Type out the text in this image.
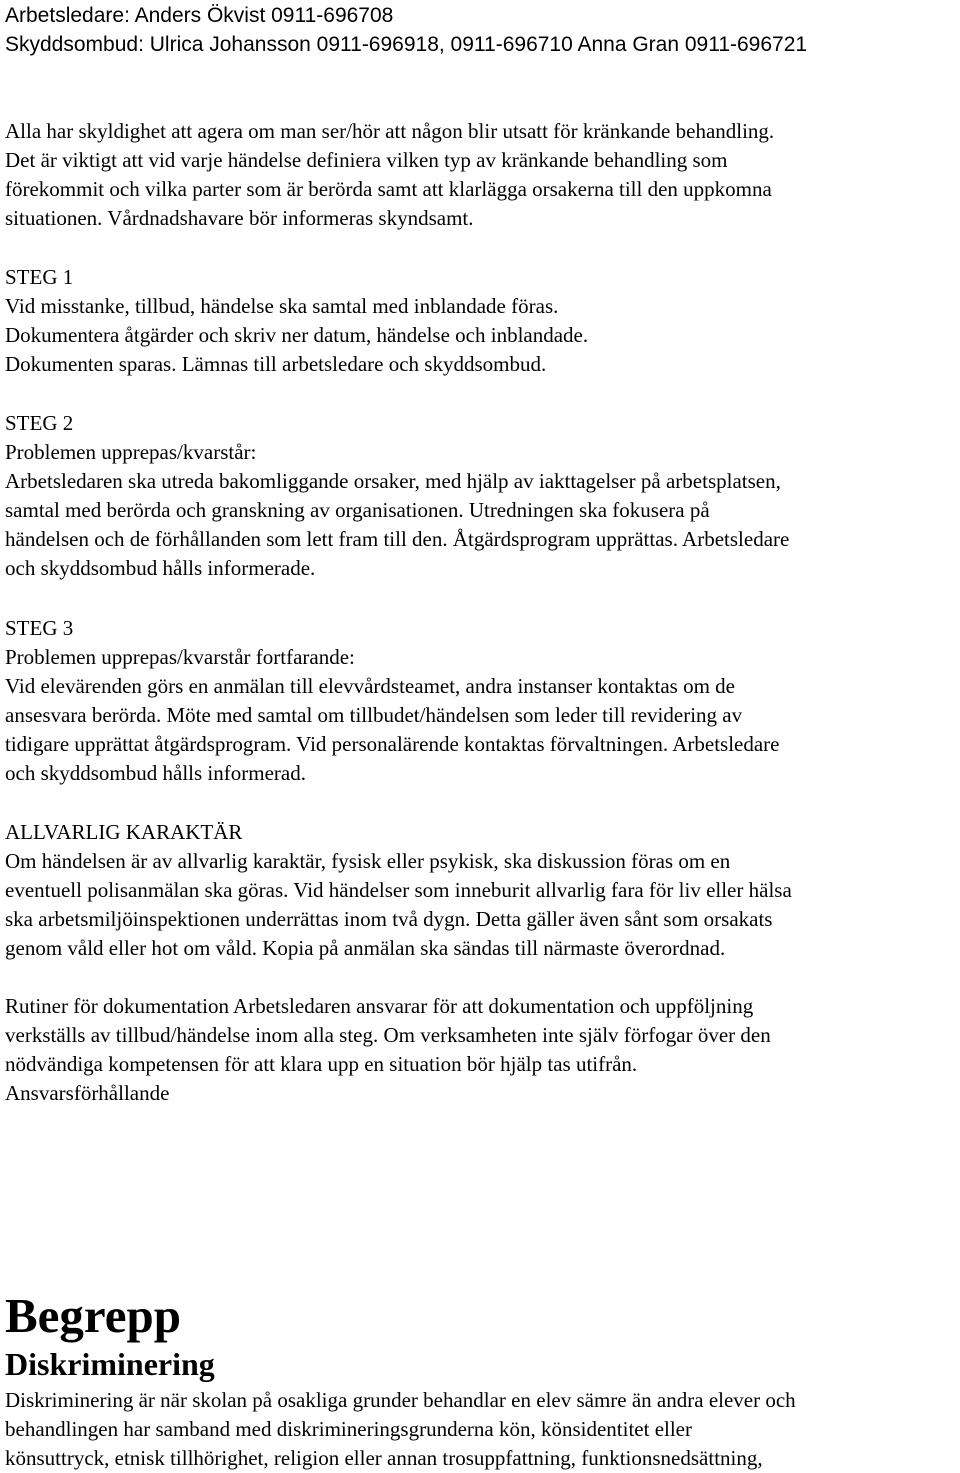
Arbetsledare: Anders Ökvist 0911-696708

Skyddsombud: Ulrica Johansson 0911-696918, 0911-696710 Anna Gran 0911-696721

Alla har skyldighet att agera om man ser/hör att någon blir utsatt för kränkande behandling.

Det är viktigt att vid varje händelse definiera vilken typ av kränkande behandling som

förekommit och vilka parter som är berörda samt att klarlägga orsakerna till den uppkomna

situationen. Vårdnadshavare bör informeras skyndsamt.

STEG 1

Vid misstanke, tillbud, händelse ska samtal med inblandade föras.

Dokumentera åtgärder och skriv ner datum, händelse och inblandade.

Dokumenten sparas. Lämnas till arbetsledare och skyddsombud.

STEG 2

Problemen upprepas/kvarstår:

Arbetsledaren ska utreda bakomliggande orsaker, med hjälp av iakttagelser på arbetsplatsen,

samtal med berörda och granskning av organisationen. Utredningen ska fokusera på

händelsen och de förhållanden som lett fram till den. Åtgärdsprogram upprättas. Arbetsledare

och skyddsombud hålls informerade.

STEG 3

Problemen upprepas/kvarstår fortfarande:

Vid elevärenden görs en anmälan till elevvårdsteamet, andra instanser kontaktas om de

ansesvara berörda. Möte med samtal om tillbudet/händelsen som leder till revidering av

tidigare upprättat åtgärdsprogram. Vid personalärende kontaktas förvaltningen. Arbetsledare

och skyddsombud hålls informerad.

ALLVARLIG KARAKTÄR

Om händelsen är av allvarlig karaktär, fysisk eller psykisk, ska diskussion föras om en

eventuell polisanmälan ska göras. Vid händelser som inneburit allvarlig fara för liv eller hälsa

ska arbetsmiljöinspektionen underrättas inom två dygn. Detta gäller även sånt som orsakats

genom våld eller hot om våld. Kopia på anmälan ska sändas till närmaste överordnad.

Rutiner för dokumentation Arbetsledaren ansvarar för att dokumentation och uppföljning

verkställs av tillbud/händelse inom alla steg. Om verksamheten inte själv förfogar över den

nödvändiga kompetensen för att klara upp en situation bör hjälp tas utifrån.

Ansvarsförhållande

Begrepp
Diskriminering

Diskriminering är när skolan på osakliga grunder behandlar en elev sämre än andra elever och

behandlingen har samband med diskrimineringsgrunderna kön, könsidentitet eller

könsuttryck, etnisk tillhörighet, religion eller annan trosuppfattning, funktionsnedsättning,
